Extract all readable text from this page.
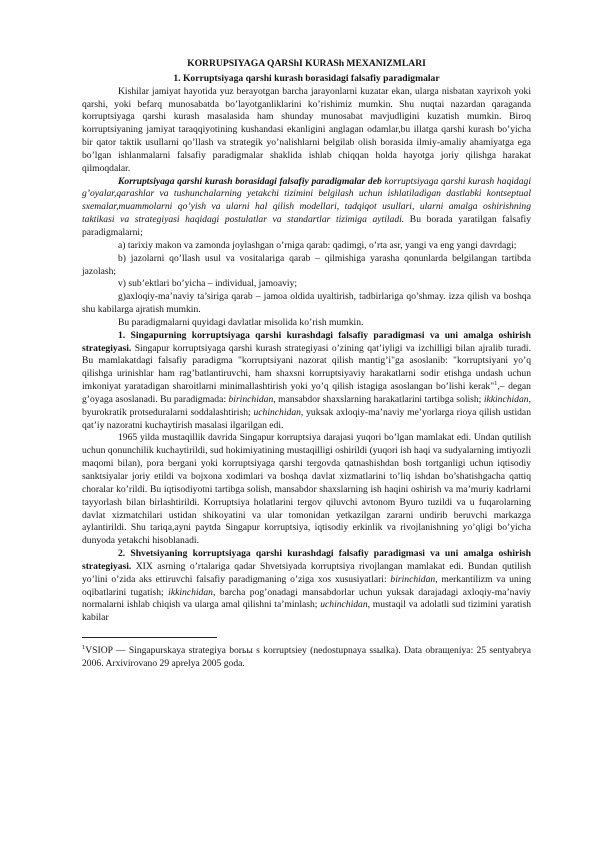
KORRUPSIYAGA QARShI KURASh MEXANIZMLARI
1. Korruptsiyaga qarshi kurash borasidagi falsafiy paradigmalar

Kishilar jamiyat hayotida yuz berayotgan barcha jarayonlarni kuzatar ekan, ularga nisbatan xayrixoh yoki qarshi, yoki befarq munosabatda bo’layotganliklarini ko’rishimiz mumkin. Shu nuqtai nazardan qaraganda korruptsiyaga qarshi kurash masalasida ham shunday munosabat mavjudligini kuzatish mumkin. Biroq korruptsiyaning jamiyat taraqqiyotining kushandasi ekanligini anglagan odamlar,bu illatga qarshi kurash bo’yicha bir qator taktik usullarni qo’llash va strategik yo’nalishlarni belgilab olish borasida ilmiy-amaliy ahamiyatga ega bo’lgan ishlanmalarni falsafiy paradigmalar shaklida ishlab chiqqan holda hayotga joriy qilishga harakat qilmoqdalar.

Korruptsiyaga qarshi kurash borasidagi falsafiy paradigmalar deb korruptsiyaga qarshi kurash haqidagi g’oyalar,qarashlar va tushunchalarning yetakchi tizimini belgilash uchun ishlatiladigan dastlabki kontseptual sxemalar,muammolarni qo’yish va ularni hal qilish modellari, tadqiqot usullari, ularni amalga oshirishning taktikasi va strategiyasi haqidagi postulatlar va standartlar tizimiga aytiladi. Bu borada yaratilgan falsafiy paradigmalarni;

a) tarixiy makon va zamonda joylashgan o’rniga qarab: qadimgi, o’rta asr, yangi va eng yangi davrdagi;

b) jazolarni qo’llash usul va vositalariga qarab – qilmishiga yarasha qonunlarda belgilangan tartibda jazolash;

v) sub’ektlari bo’yicha – individual, jamoaviy;

g)axloqiy-ma’naviy ta’siriga qarab – jamoa oldida uyaltirish, tadbirlariga qo’shmay. izza qilish va boshqa shu kabilarga ajratish mumkin.

Bu paradigmalarni quyidagi davlatlar misolida ko’rish mumkin.

1. Singapurning korruptsiyaga qarshi kurashdagi falsafiy paradigmasi va uni amalga oshirish strategiyasi. Singapur korruptsiyaga qarshi kurash strategiyasi o’zining qat’iyligi va izchilligi bilan ajralib turadi. Bu mamlakatdagi falsafiy paradigma "korruptsiyani nazorat qilish mantig’i"ga asoslanib: "korruptsiyani yo’q qilishga urinishlar ham rag’batlantiruvchi, ham shaxsni korruptsiyaviy harakatlarni sodir etishga undash uchun imkoniyat yaratadigan sharoitlarni minimallashtirish yoki yo’q qilish istagiga asoslangan bo’lishi kerak"$^1$,– degan g’oyaga asoslanadi. Bu paradigmada: birinchidan, mansabdor shaxslarning harakatlarini tartibga solish; ikkinchidan, byurokratik protseduralarni soddalashtirish; uchinchidan, yuksak axloqiy-ma’naviy me’yorlarga rioya qilish ustidan qat’iy nazoratni kuchaytirish masalasi ilgarilgan edi.

1965 yilda mustaqillik davrida Singapur korruptsiya darajasi yuqori bo’lgan mamlakat edi. Undan qutilish uchun qonunchilik kuchaytirildi, sud hokimiyatining mustaqilligi oshirildi (yuqori ish haqi va sudyalarning imtiyozli maqomi bilan), pora bergani yoki korruptsiyaga qarshi tergovda qatnashishdan bosh tortganligi uchun iqtisodiy sanktsiyalar joriy etildi va bojxona xodimlari va boshqa davlat xizmatlarini to’liq ishdan bo’shatishgacha qattiq choralar ko’rildi. Bu iqtisodiyotni tartibga solish, mansabdor shaxslarning ish haqini oshirish va ma’muriy kadrlarni tayyorlash bilan birlashtirildi. Korruptsiya holatlarini tergov qiluvchi avtonom Byuro tuzildi va u fuqarolarning davlat xizmatchilari ustidan shikoyatini va ular tomonidan yetkazilgan zararni undirib beruvchi markazga aylantirildi. Shu tariqa,ayni paytda Singapur korruptsiya, iqtisodiy erkinlik va rivojlanishning yo’qligi bo’yicha dunyoda yetakchi hisoblanadi.

2. Shvetsiyaning korruptsiyaga qarshi kurashdagi falsafiy paradigmasi va uni amalga oshirish strategiyasi. XIX asrning o’rtalariga qadar Shvetsiyada korruptsiya rivojlangan mamlakat edi. Bundan qutilish yo’lini o’zida aks ettiruvchi falsafiy paradigmaning o’ziga xos xususiyatlari: birinchidan, merkantilizm va uning oqibatlarini tugatish; ikkinchidan, barcha pog’onadagi mansabdorlar uchun yuksak darajadagi axloqiy-ma’naviy normalarni ishlab chiqish va ularga amal qilishni ta’minlash; uchinchidan, mustaqil va adolatli sud tizimini yaratish kabilar

$^1$VSIOP — Singapurskaya strategiya borьы s korruptsiey (nedostupnaya ssыlka). Data obraщeniya: 25 sentyabrya 2006. Arxivirovano 29 aprelya 2005 goda.
